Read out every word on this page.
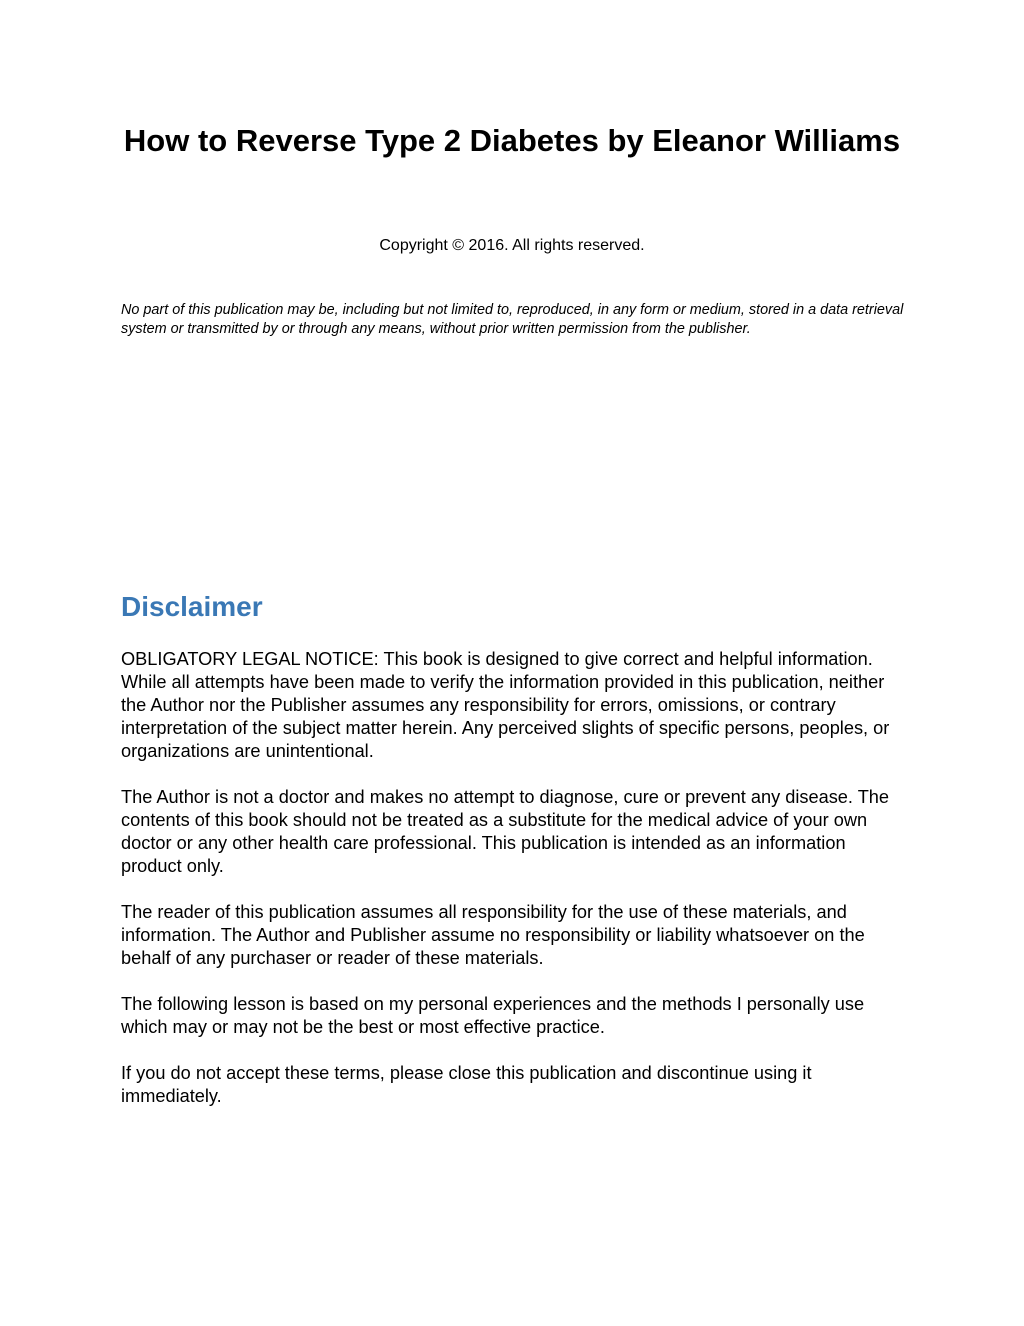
How to Reverse Type 2 Diabetes by Eleanor Williams

Copyright © 2016. All rights reserved.

No part of this publication may be, including but not limited to, reproduced, in any form or medium, stored in a data retrieval system or transmitted by or through any means, without prior written permission from the publisher.

Disclaimer

OBLIGATORY LEGAL NOTICE: This book is designed to give correct and helpful information. While all attempts have been made to verify the information provided in this publication, neither the Author nor the Publisher assumes any responsibility for errors, omissions, or contrary interpretation of the subject matter herein. Any perceived slights of specific persons, peoples, or organizations are unintentional.

The Author is not a doctor and makes no attempt to diagnose, cure or prevent any disease. The contents of this book should not be treated as a substitute for the medical advice of your own doctor or any other health care professional. This publication is intended as an information product only.

The reader of this publication assumes all responsibility for the use of these materials, and information. The Author and Publisher assume no responsibility or liability whatsoever on the behalf of any purchaser or reader of these materials.

The following lesson is based on my personal experiences and the methods I personally use which may or may not be the best or most effective practice.

If you do not accept these terms, please close this publication and discontinue using it immediately.
